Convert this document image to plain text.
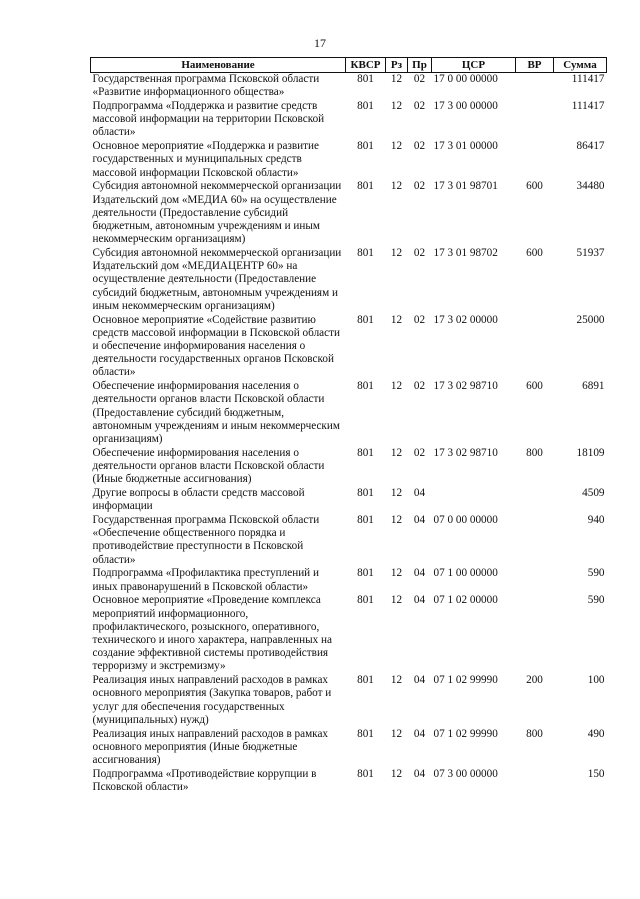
17
Наименование	КВСР	Рз	Пр	ЦСР	ВР	Сумма
Государственная программа Псковской области «Развитие информационного общества»	801	12	02	17 0 00 00000		111417
Подпрограмма «Поддержка и развитие средств массовой информации на территории Псковской области»	801	12	02	17 3 00 00000		111417
Основное мероприятие «Поддержка и развитие государственных и муниципальных средств массовой информации Псковской области»	801	12	02	17 3 01 00000		86417
Субсидия автономной некоммерческой организации Издательский дом «МЕДИА 60» на осуществление деятельности (Предоставление субсидий бюджетным, автономным учреждениям и иным некоммерческим организациям)	801	12	02	17 3 01 98701	600	34480
Субсидия автономной некоммерческой организации Издательский дом «МЕДИАЦЕНТР 60» на осуществление деятельности (Предоставление субсидий бюджетным, автономным учреждениям и иным некоммерческим организациям)	801	12	02	17 3 01 98702	600	51937
Основное мероприятие «Содействие развитию средств массовой информации в Псковской области и обеспечение информирования населения о деятельности государственных органов Псковской области»	801	12	02	17 3 02 00000		25000
Обеспечение информирования населения о деятельности органов власти Псковской области (Предоставление субсидий бюджетным, автономным учреждениям и иным некоммерческим организациям)	801	12	02	17 3 02 98710	600	6891
Обеспечение информирования населения о деятельности органов власти Псковской области (Иные бюджетные ассигнования)	801	12	02	17 3 02 98710	800	18109
Другие вопросы в области средств массовой информации	801	12	04			4509
Государственная программа Псковской области «Обеспечение общественного порядка и противодействие преступности в Псковской области»	801	12	04	07 0 00 00000		940
Подпрограмма «Профилактика преступлений и иных правонарушений в Псковской области»	801	12	04	07 1 00 00000		590
Основное мероприятие «Проведение комплекса мероприятий информационного, профилактического, розыскного, оперативного, технического и иного характера, направленных на создание эффективной системы противодействия терроризму и экстремизму»	801	12	04	07 1 02 00000		590
Реализация иных направлений расходов в рамках основного мероприятия (Закупка товаров, работ и услуг для обеспечения государственных (муниципальных) нужд)	801	12	04	07 1 02 99990	200	100
Реализация иных направлений расходов в рамках основного мероприятия (Иные бюджетные ассигнования)	801	12	04	07 1 02 99990	800	490
Подпрограмма «Противодействие коррупции в Псковской области»	801	12	04	07 3 00 00000		150
